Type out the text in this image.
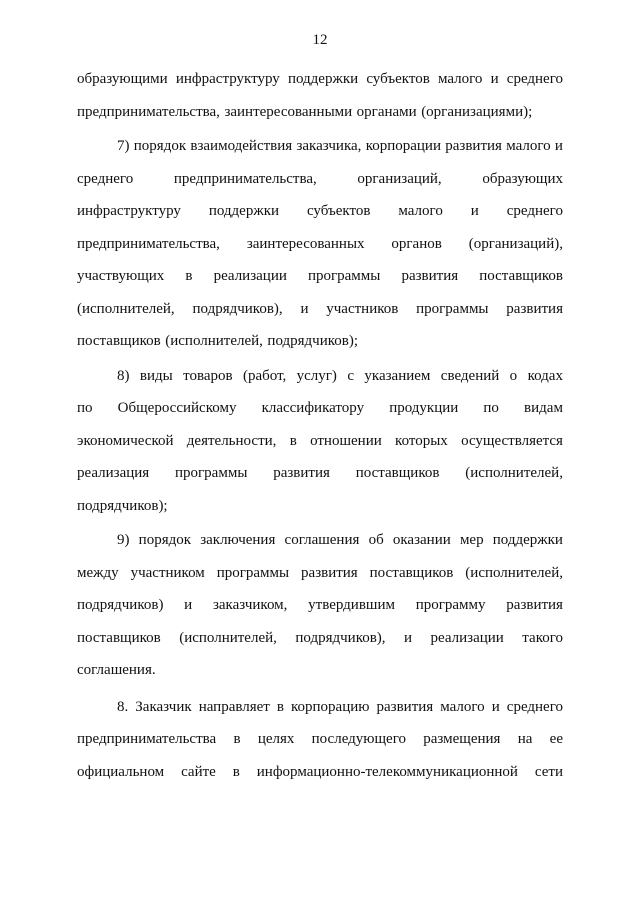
12
образующими инфраструктуру поддержки субъектов малого и среднего
предпринимательства, заинтересованными органами (организациями);
7) порядок взаимодействия заказчика, корпорации развития малого и
среднего	предпринимательства,	организаций,	образующих
инфраструктуру поддержки субъектов малого и среднего
предпринимательства, заинтересованных органов (организаций),
участвующих в реализации программы развития поставщиков
(исполнителей, подрядчиков), и участников программы развития
поставщиков (исполнителей, подрядчиков);
8) виды товаров (работ, услуг) с указанием сведений о кодах
по Общероссийскому классификатору продукции по видам
экономической деятельности, в отношении которых осуществляется
реализация программы развития поставщиков (исполнителей,
подрядчиков);
9) порядок заключения соглашения об оказании мер поддержки
между участником программы развития поставщиков (исполнителей,
подрядчиков) и заказчиком, утвердившим программу развития
поставщиков (исполнителей, подрядчиков), и реализации такого
соглашения.
8. Заказчик направляет в корпорацию развития малого и среднего
предпринимательства в целях последующего размещения на ее
официальном сайте в информационно-телекоммуникационной сети
